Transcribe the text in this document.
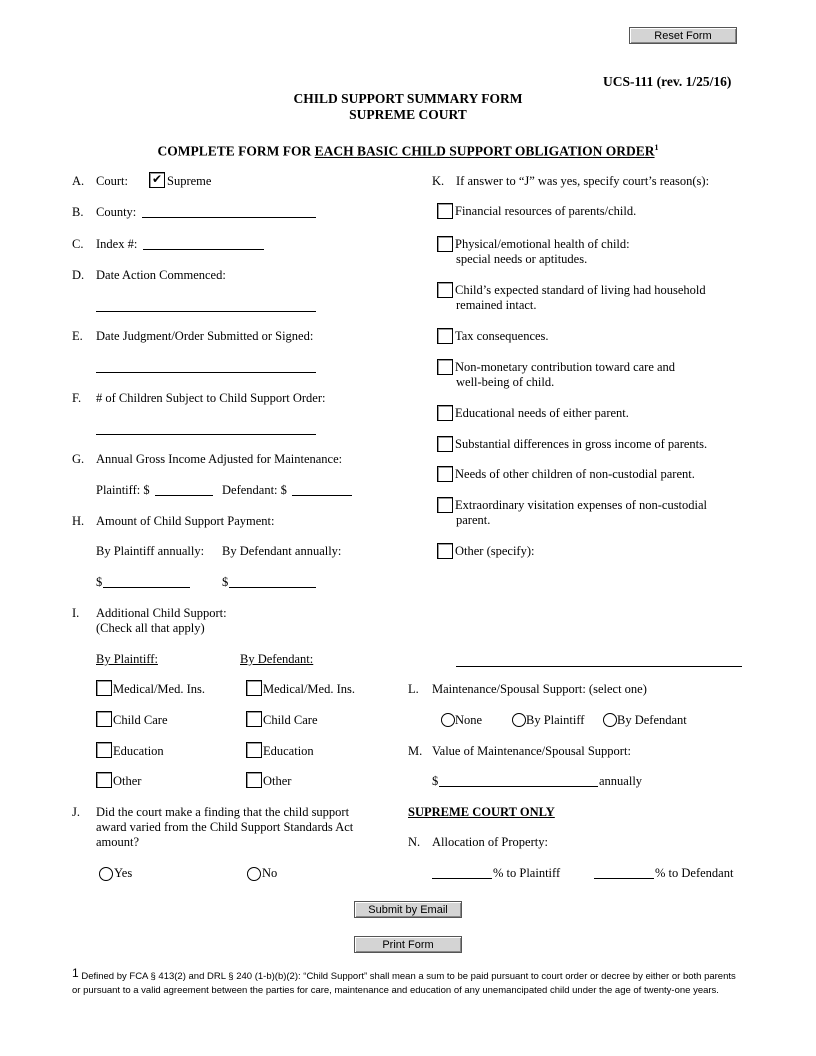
Reset Form
UCS-111 (rev. 1/25/16)
CHILD SUPPORT SUMMARY FORM
SUPREME COURT
COMPLETE FORM FOR EACH BASIC CHILD SUPPORT OBLIGATION ORDER$^1$
A. Court:
✔	Supreme
B. County:
C. Index #:
D. Date Action Commenced:
E. Date Judgment/Order Submitted or Signed:
F. # of Children Subject to Child Support Order:
G. Annual Gross Income Adjusted for Maintenance:
Plaintiff: $	Defendant: $
H. Amount of Child Support Payment:
By Plaintiff annually: By Defendant annually:
$	$
I. Additional Child Support:
(Check all that apply)
By Plaintiff:	By Defendant:
Medical/Med. Ins.	Medical/Med. Ins.
Child Care	Child Care
Education	Education
Other	Other
J. Did the court make a finding that the child support
award varied from the Child Support Standards Act
amount?
Yes	No
K. If answer to “J” was yes, specify court’s reason(s):
Financial resources of parents/child.
Physical/emotional health of child:
special needs or aptitudes.
Child’s expected standard of living had household
remained intact.
Tax consequences.
Non-monetary contribution toward care and
well-being of child.
Educational needs of either parent.
Substantial differences in gross income of parents.
Needs of other children of non-custodial parent.
Extraordinary visitation expenses of non-custodial
parent.
Other (specify):
L. Maintenance/Spousal Support: (select one)
None	By Plaintiff	By Defendant
M. Value of Maintenance/Spousal Support:
$	annually
SUPREME COURT ONLY
N. Allocation of Property:
% to Plaintiff	% to Defendant
Submit by Email
Print Form
1 Defined by FCA § 413(2) and DRL § 240 (1-b)(b)(2): “Child Support” shall mean a sum to be paid pursuant to court order or decree by either or both parents or pursuant to a valid agreement between the parties for care, maintenance and education of any unemancipated child under the age of twenty-one years.
